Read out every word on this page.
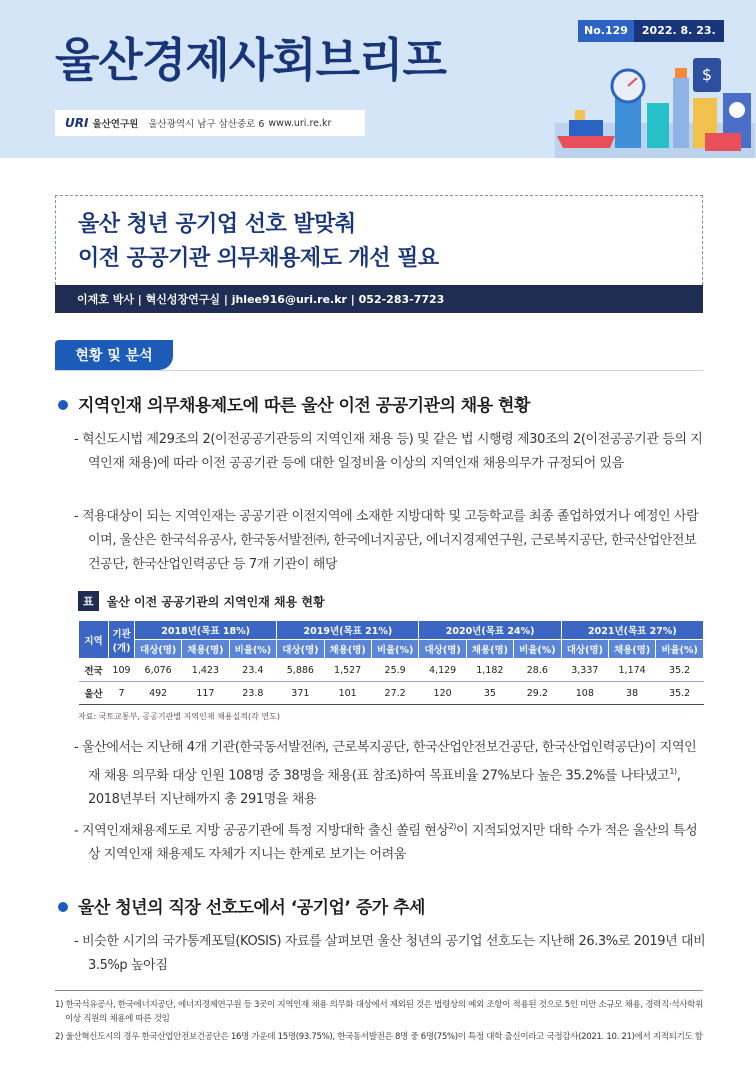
울산경제사회브리프
No.129	2022. 8. 23.
URI 울산연구원 울산광역시 남구 삼산중로 6 www.uri.re.kr
$
울산 청년 공기업 선호 발맞춰
이전 공공기관 의무채용제도 개선 필요
이재호 박사 | 혁신성장연구실 | jhlee916@uri.re.kr | 052-283-7723
현황 및 분석
지역인재 의무채용제도에 따른 울산 이전 공공기관의 채용 현황
- 혁신도시법 제29조의 2(이전공공기관등의 지역인재 채용 등) 및 같은 법 시행령 제30조의 2(이전공공기관 등의 지역인재 채용)에 따라 이전 공공기관 등에 대한 일정비율 이상의 지역인재 채용의무가 규정되어 있음
- 적용대상이 되는 지역인재는 공공기관 이전지역에 소재한 지방대학 및 고등학교를 최종 졸업하였거나 예정인 사람이며, 울산은 한국석유공사, 한국동서발전㈜, 한국에너지공단, 에너지경제연구원, 근로복지공단, 한국산업안전보건공단, 한국산업인력공단 등 7개 기관이 해당
표	울산 이전 공공기관의 지역인재 채용 현황
지역	기관(개)	2018년(목표 18%)			2019년(목표 21%)			2020년(목표 24%)			2021년(목표 27%)		
		대상(명)	채용(명)	비율(%)	대상(명)	채용(명)	비율(%)	대상(명)	채용(명)	비율(%)	대상(명)	채용(명)	비율(%)
전국	109	6,076	1,423	23.4	5,886	1,527	25.9	4,129	1,182	28.6	3,337	1,174	35.2
울산	7	492	117	23.8	371	101	27.2	120	35	29.2	108	38	35.2
자료: 국토교통부, 공공기관별 지역인재 채용실적(각 연도)
- 울산에서는 지난해 4개 기관(한국동서발전㈜, 근로복지공단, 한국산업안전보건공단, 한국산업인력공단)이 지역인재 채용 의무화 대상 인원 108명 중 38명을 채용(표 참조)하여 목표비율 27%보다 높은 35.2%를 나타냈고$^{1)}$, 2018년부터 지난해까지 총 291명을 채용
- 지역인재채용제도로 지방 공공기관에 특정 지방대학 출신 쏠림 현상$^{2)}$이 지적되었지만 대학 수가 적은 울산의 특성상 지역인재 채용제도 자체가 지니는 한계로 보기는 어려움
울산 청년의 직장 선호도에서 ‘공기업’ 증가 추세
- 비슷한 시기의 국가통계포털(KOSIS) 자료를 살펴보면 울산 청년의 공기업 선호도는 지난해 26.3%로 2019년 대비 3.5%p 높아짐
1) 한국석유공사, 한국에너지공단, 에너지경제연구원 등 3곳이 지역인재 채용 의무화 대상에서 제외된 것은 법령상의 예외 조항이 적용된 것으로 5인 미만 소규모 채용, 경력직·석사학위 이상 직원의 채용에 따른 것임
2) 울산혁신도시의 경우 한국산업안전보건공단은 16명 가운데 15명(93.75%), 한국동서발전은 8명 중 6명(75%)이 특정 대학 출신이라고 국정감사(2021. 10. 21)에서 지적되기도 함
